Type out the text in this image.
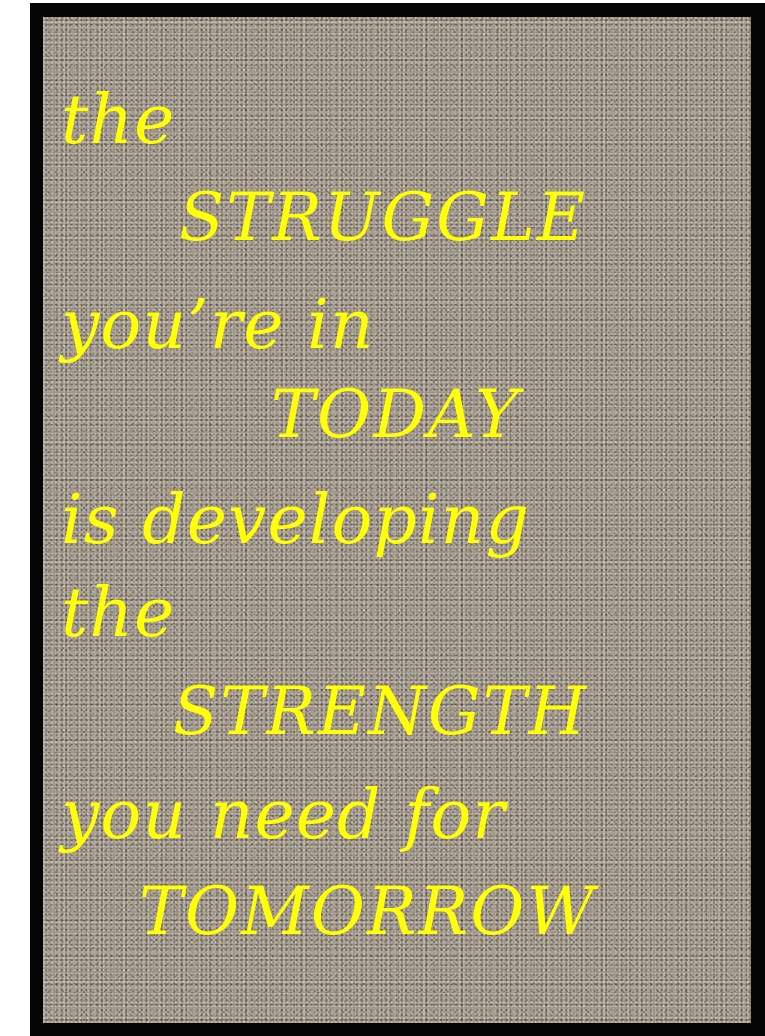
the

STRUGGLE

you’re in

TODAY

is developing

the

STRENGTH

you need for

TOMORROW
